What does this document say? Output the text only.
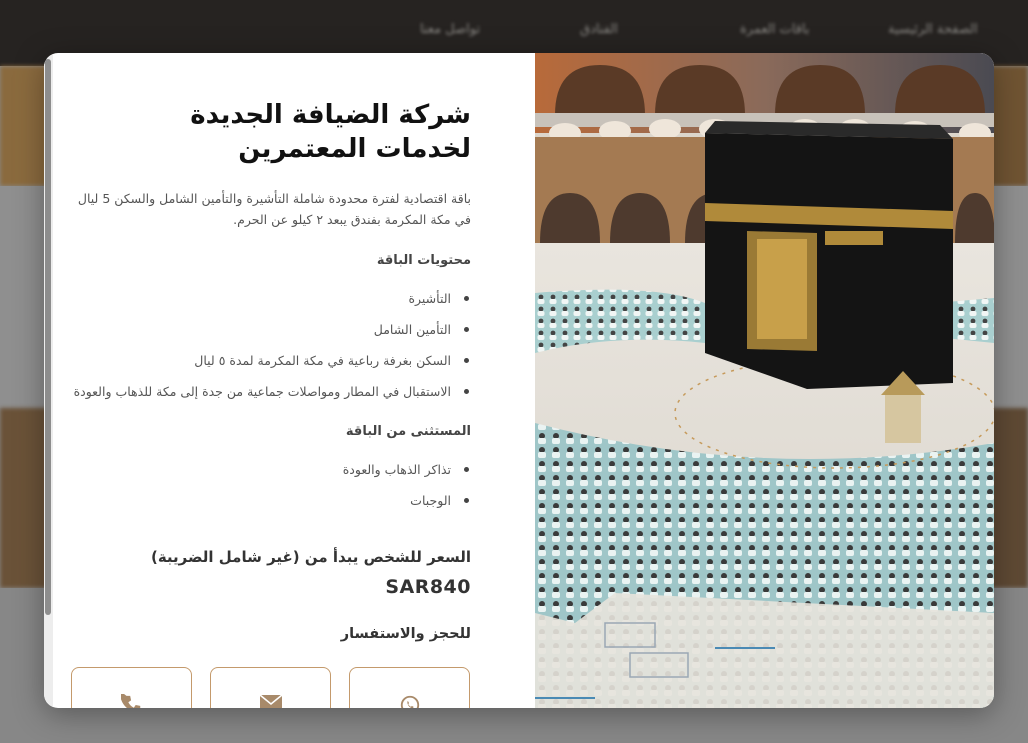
الصفحة الرئيسية
باقات العمرة
الفنادق
تواصل معنا
شركة الضيافة الجديدة لخدمات المعتمرين

باقة اقتصادية لفترة محدودة شاملة التأشيرة والتأمين الشامل والسكن 5 ليال في مكة المكرمة بفندق يبعد ٢ كيلو عن الحرم.

محتويات الباقة
التأشيرة
التأمين الشامل
السكن بغرفة رباعية في مكة المكرمة لمدة ٥ ليال
الاستقبال في المطار ومواصلات جماعية من جدة إلى مكة للذهاب والعودة
المستثنى من الباقة
تذاكر الذهاب والعودة
الوجبات
السعر للشخص يبدأ من (غير شامل الضريبة)
SAR840
للحجز والاستفسار
